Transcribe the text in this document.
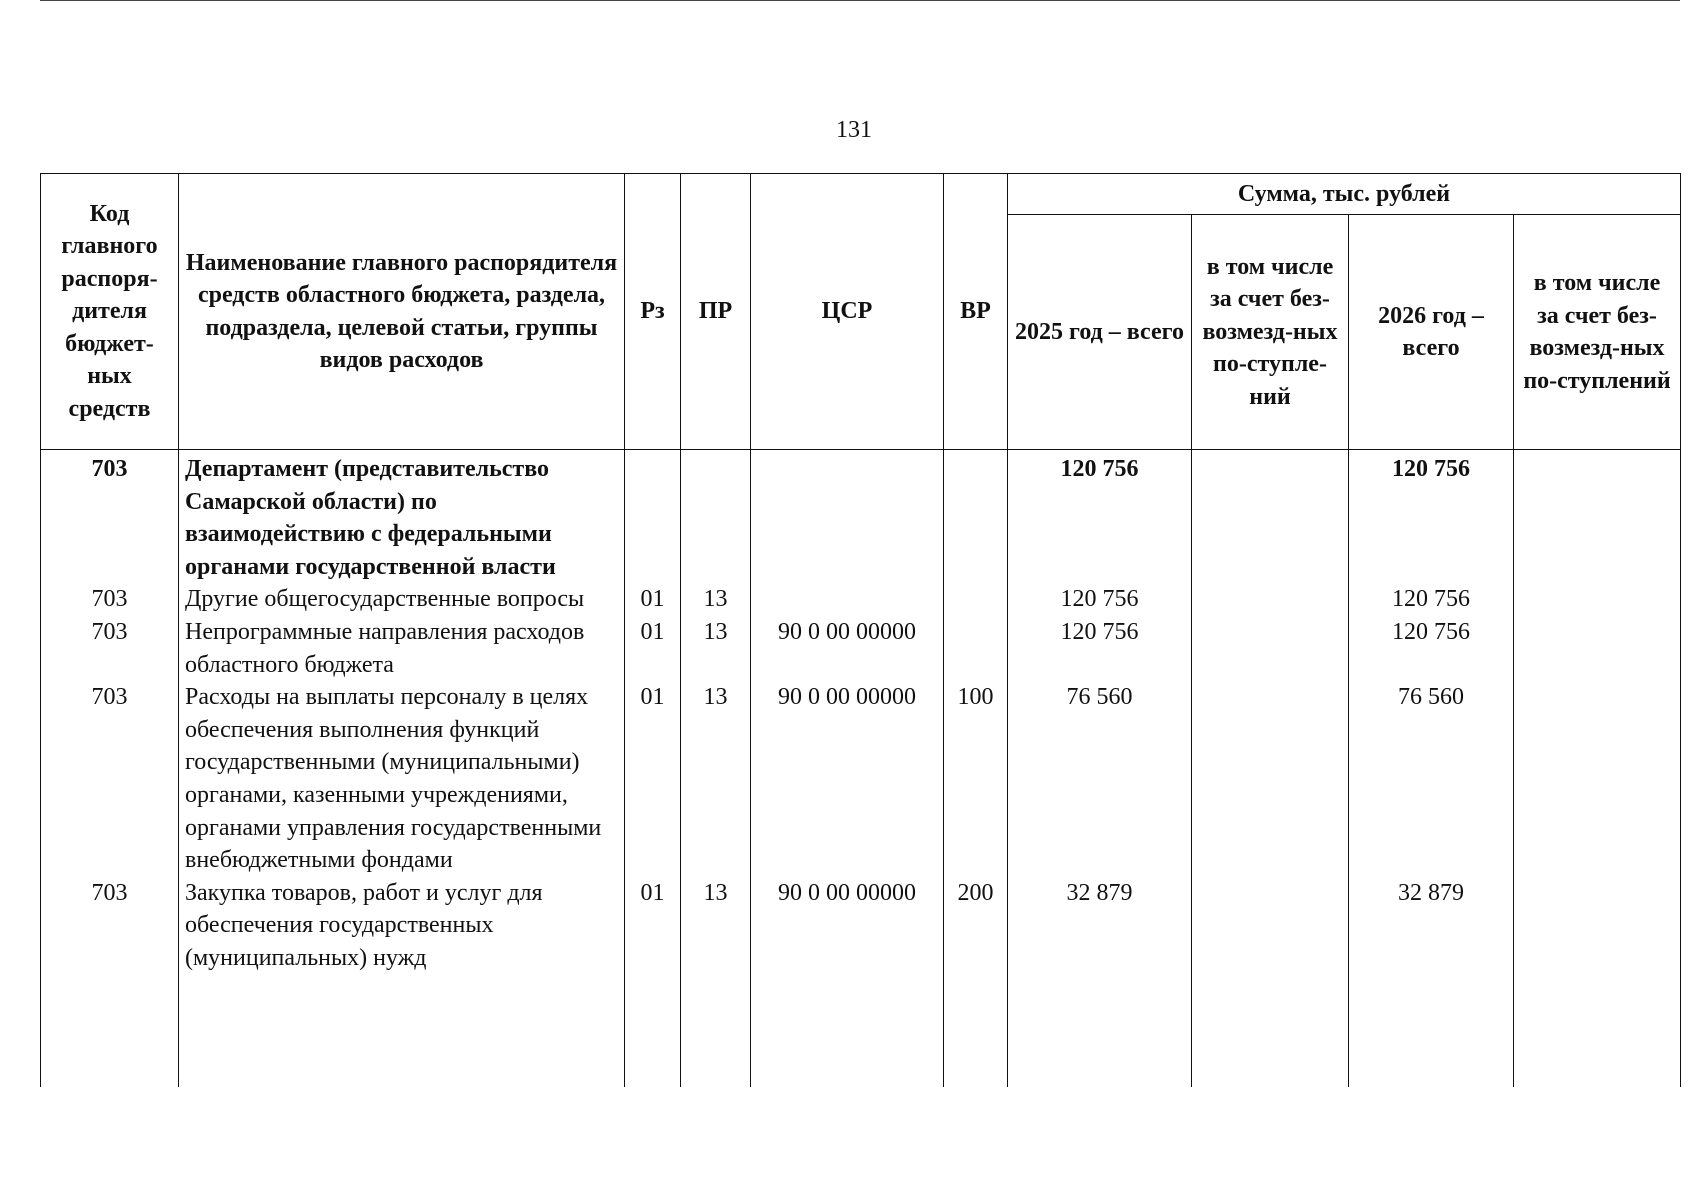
131
Код главного распоря-дителя бюджет-ных средств	Наименование главного распорядителя средств областного бюджета, раздела, подраздела, целевой статьи, группы видов расходов	Рз	ПР	ЦСР	ВР	Сумма, тыс. рублей			
						2025 год – всего	в том числе за счет без-возмезд-ных по-ступле-ний	2026 год – всего	в том числе за счет без-возмезд-ных по-ступлений
703	Департамент (представительство Самарской области) по взаимодействию с федеральными органами государственной власти					120 756		120 756	
703	Другие общегосударственные вопросы	01	13			120 756		120 756	
703	Непрограммные направления расходов областного бюджета	01	13	90 0 00 00000		120 756		120 756	
703	Расходы на выплаты персоналу в целях обеспечения выполнения функций государственными (муниципальными) органами, казенными учреждениями, органами управления государственными внебюджетными фондами	01	13	90 0 00 00000	100	76 560		76 560	
703	Закупка товаров, работ и услуг для обеспечения государственных (муниципальных) нужд	01	13	90 0 00 00000	200	32 879		32 879	
